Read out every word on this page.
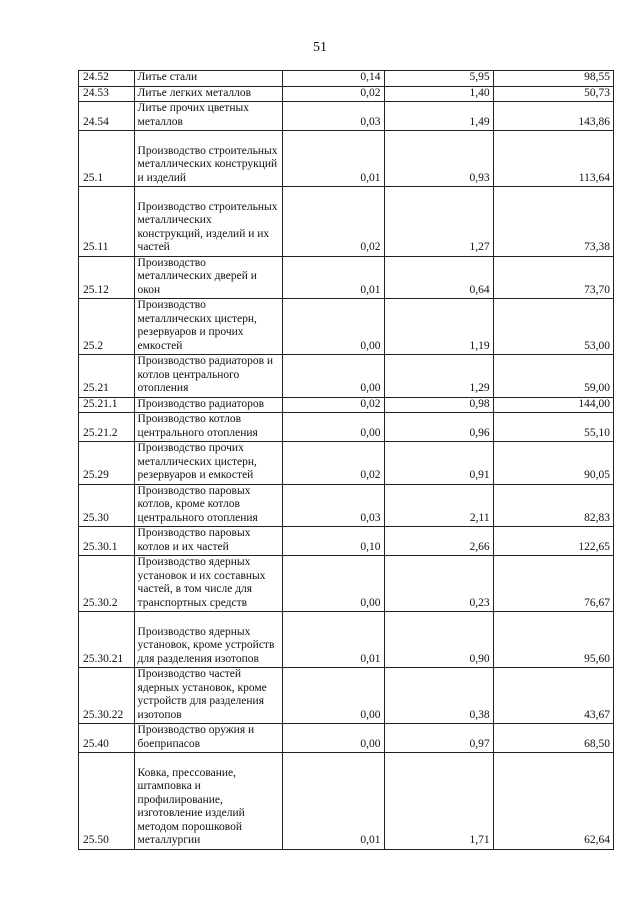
51
24.52	Литье стали	0,14	5,95	98,55
24.53	Литье легких металлов	0,02	1,40	50,73
24.54	Литье прочих цветных металлов	0,03	1,49	143,86
25.1	Производство строительных металлических конструкций и изделий	0,01	0,93	113,64
25.11	Производство строительных металлических конструкций, изделий и их частей	0,02	1,27	73,38
25.12	Производство металлических дверей и окон	0,01	0,64	73,70
25.2	Производство металлических цистерн, резервуаров и прочих емкостей	0,00	1,19	53,00
25.21	Производство радиаторов и котлов центрального отопления	0,00	1,29	59,00
25.21.1	Производство радиаторов	0,02	0,98	144,00
25.21.2	Производство котлов центрального отопления	0,00	0,96	55,10
25.29	Производство прочих металлических цистерн, резервуаров и емкостей	0,02	0,91	90,05
25.30	Производство паровых котлов, кроме котлов центрального отопления	0,03	2,11	82,83
25.30.1	Производство паровых котлов и их частей	0,10	2,66	122,65
25.30.2	Производство ядерных установок и их составных частей, в том числе для транспортных средств	0,00	0,23	76,67
25.30.21	Производство ядерных установок, кроме устройств для разделения изотопов	0,01	0,90	95,60
25.30.22	Производство частей ядерных установок, кроме устройств для разделения изотопов	0,00	0,38	43,67
25.40	Производство оружия и боеприпасов	0,00	0,97	68,50
25.50	Ковка, прессование, штамповка и профилирование, изготовление изделий методом порошковой металлургии	0,01	1,71	62,64
